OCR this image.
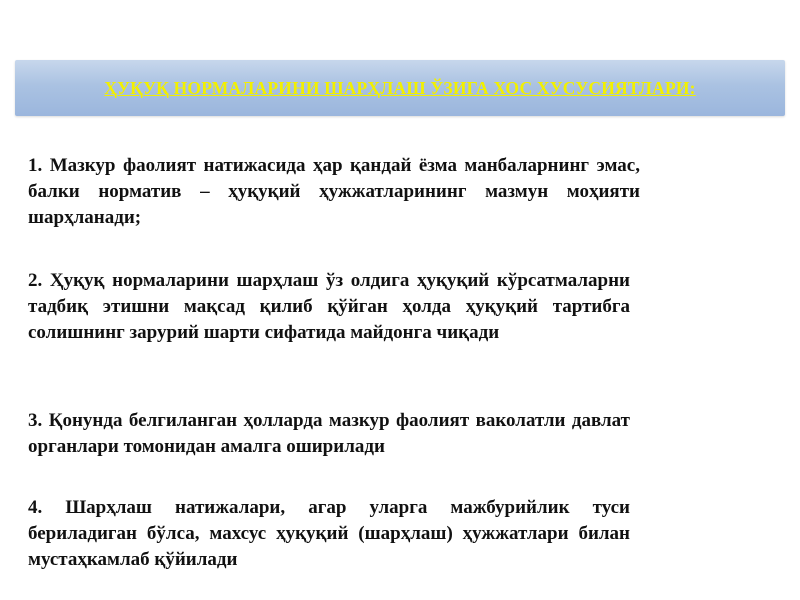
ҲУҚУҚ НОРМАЛАРИНИ ШАРҲЛАШ ЎЗИГА ХОС ХУСУСИЯТЛАРИ:
1. Мазкур фаолият натижасида ҳар қандай ёзма манбаларнинг эмас, балки норматив – ҳуқуқий ҳужжатларининг мазмун моҳияти шарҳланади;
2. Ҳуқуқ нормаларини шарҳлаш ўз олдига ҳуқуқий кўрсатмаларни тадбиқ этишни мақсад қилиб қўйган ҳолда ҳуқуқий тартибга солишнинг зарурий шарти сифатида майдонга чиқади
3. Қонунда белгиланган ҳолларда мазкур фаолият ваколатли давлат органлари томонидан амалга оширилади
4. Шарҳлаш натижалари, агар уларга мажбурийлик туси бериладиган бўлса, махсус ҳуқуқий (шарҳлаш) ҳужжатлари билан мустаҳкамлаб қўйилади
